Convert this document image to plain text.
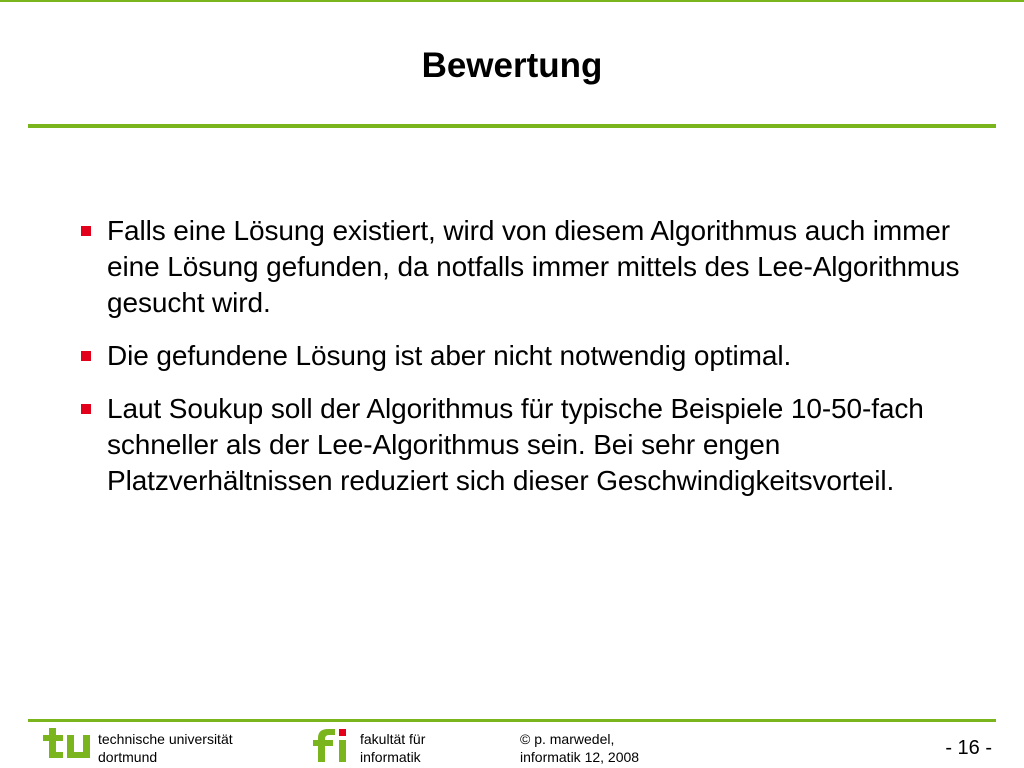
Bewertung
Falls eine Lösung existiert, wird von diesem Algorithmus auch immer eine Lösung gefunden, da notfalls immer mittels des Lee-Algorithmus gesucht wird.
Die gefundene Lösung ist aber nicht notwendig optimal.
Laut Soukup soll der Algorithmus für typische Beispiele 10-50-fach schneller als der Lee-Algorithmus sein. Bei sehr engen Platzverhältnissen reduziert sich dieser Geschwindigkeitsvorteil.
technische universität
dortmund
fakultät für
informatik
© p. marwedel,
informatik 12, 2008	- 16 -
